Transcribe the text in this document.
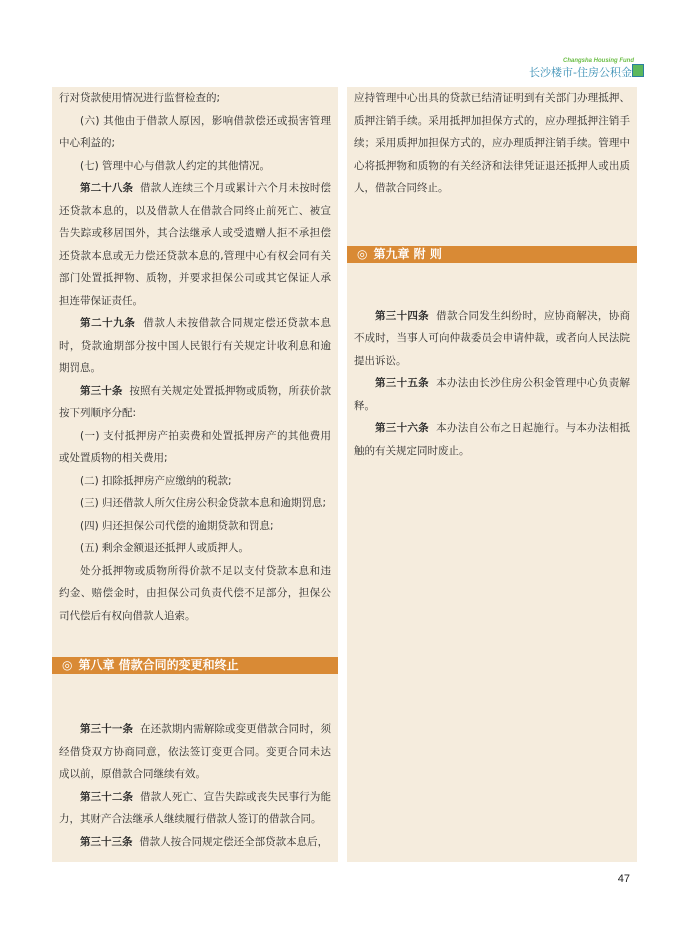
Changsha Housing Fund
长沙楼市-住房公积金

行对贷款使用情况进行监督检查的;

(六) 其他由于借款人原因，影响借款偿还或损害管理中心利益的;

(七) 管理中心与借款人约定的其他情况。

第二十八条 借款人连续三个月或累计六个月未按时偿还贷款本息的，以及借款人在借款合同终止前死亡、被宣告失踪或移居国外，其合法继承人或受遗赠人拒不承担偿还贷款本息或无力偿还贷款本息的,管理中心有权会同有关部门处置抵押物、质物，并要求担保公司或其它保证人承担连带保证责任。

第二十九条 借款人未按借款合同规定偿还贷款本息时，贷款逾期部分按中国人民银行有关规定计收利息和逾期罚息。

第三十条 按照有关规定处置抵押物或质物，所获价款按下列顺序分配:

(一) 支付抵押房产拍卖费和处置抵押房产的其他费用或处置质物的相关费用;

(二) 扣除抵押房产应缴纳的税款;

(三) 归还借款人所欠住房公积金贷款本息和逾期罚息;

(四) 归还担保公司代偿的逾期贷款和罚息;

(五) 剩余金额退还抵押人或质押人。

处分抵押物或质物所得价款不足以支付贷款本息和违约金、赔偿金时，由担保公司负责代偿不足部分，担保公司代偿后有权向借款人追索。

◎ 第八章 借款合同的变更和终止

第三十一条 在还款期内需解除或变更借款合同时，须经借贷双方协商同意，依法签订变更合同。变更合同未达成以前，原借款合同继续有效。

第三十二条 借款人死亡、宣告失踪或丧失民事行为能力，其财产合法继承人继续履行借款人签订的借款合同。

第三十三条 借款人按合同规定偿还全部贷款本息后，

应持管理中心出具的贷款已结清证明到有关部门办理抵押、质押注销手续。采用抵押加担保方式的，应办理抵押注销手续；采用质押加担保方式的，应办理质押注销手续。管理中心将抵押物和质物的有关经济和法律凭证退还抵押人或出质人，借款合同终止。

◎ 第九章 附 则

第三十四条 借款合同发生纠纷时，应协商解决，协商不成时，当事人可向仲裁委员会申请仲裁，或者向人民法院提出诉讼。

第三十五条 本办法由长沙住房公积金管理中心负责解释。

第三十六条 本办法自公布之日起施行。与本办法相抵触的有关规定同时废止。

47
